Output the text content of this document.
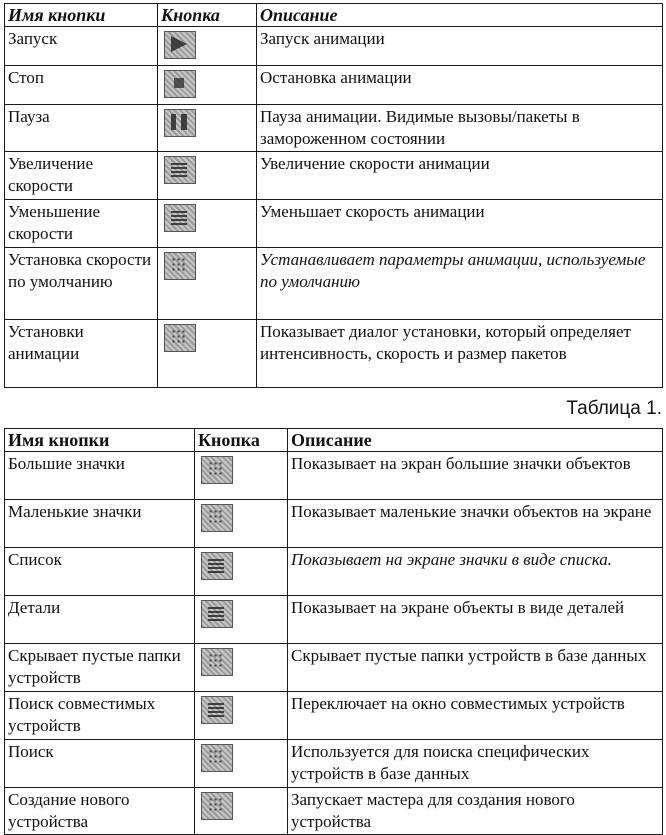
Имя кнопки	Кнопка	Описание
Запуск		Запуск анимации
Стоп		Остановка анимации
Пауза		Пауза анимации. Видимые вызовы/пакеты в замороженном состоянии
Увеличение скорости		Увеличение скорости анимации
Уменьшение скорости		Уменьшает скорость анимации
Установка скорости по умолчанию		Устанавливает параметры анимации, используемые по умолчанию
Установки анимации		Показывает диалог установки, который определяет интенсивность, скорость и размер пакетов
Таблица 1.
Имя кнопки	Кнопка	Описание
Большие значки		Показывает на экран большие значки объектов
Маленькие значки		Показывает маленькие значки объектов на экране
Список		Показывает на экране значки в виде списка.
Детали		Показывает на экране объекты в виде деталей
Скрывает пустые папки устройств		Скрывает пустые папки устройств в базе данных
Поиск совместимых устройств		Переключает на окно совместимых устройств
Поиск		Используется для поиска специфических устройств в базе данных
Создание нового устройства		Запускает мастера для создания нового устройства
